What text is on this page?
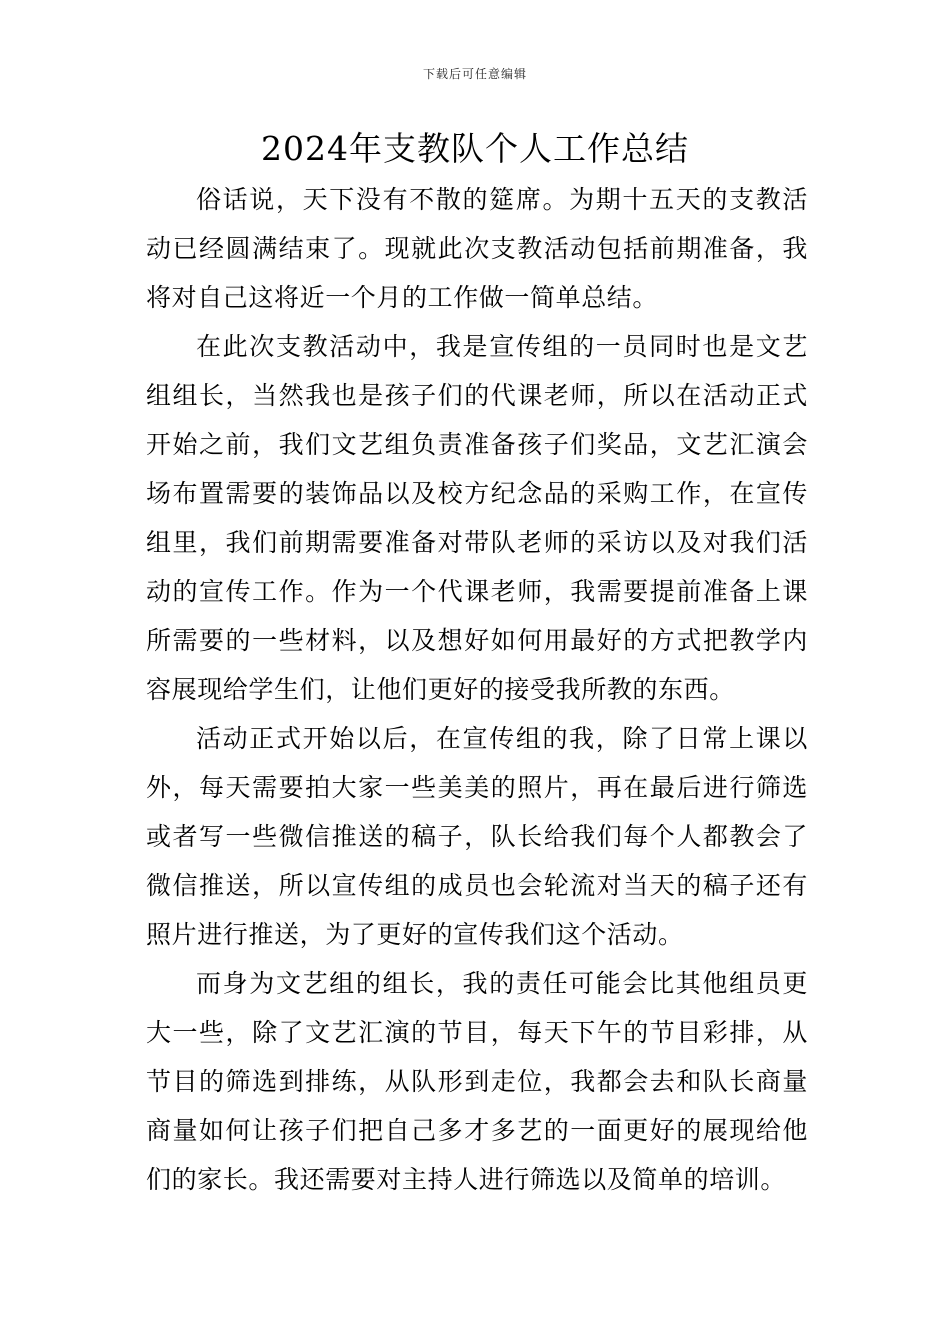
下载后可任意编辑
2024年支教队个人工作总结

俗话说，天下没有不散的筵席。为期十五天的支教活动已经圆满结束了。现就此次支教活动包括前期准备，我将对自己这将近一个月的工作做一简单总结。

在此次支教活动中，我是宣传组的一员同时也是文艺组组长，当然我也是孩子们的代课老师，所以在活动正式开始之前，我们文艺组负责准备孩子们奖品，文艺汇演会场布置需要的装饰品以及校方纪念品的采购工作，在宣传组里，我们前期需要准备对带队老师的采访以及对我们活动的宣传工作。作为一个代课老师，我需要提前准备上课所需要的一些材料，以及想好如何用最好的方式把教学内容展现给学生们，让他们更好的接受我所教的东西。

活动正式开始以后，在宣传组的我，除了日常上课以外，每天需要拍大家一些美美的照片，再在最后进行筛选或者写一些微信推送的稿子，队长给我们每个人都教会了微信推送，所以宣传组的成员也会轮流对当天的稿子还有照片进行推送，为了更好的宣传我们这个活动。

而身为文艺组的组长，我的责任可能会比其他组员更大一些，除了文艺汇演的节目，每天下午的节目彩排，从节目的筛选到排练，从队形到走位，我都会去和队长商量商量如何让孩子们把自己多才多艺的一面更好的展现给他们的家长。我还需要对主持人进行筛选以及简单的培训。
